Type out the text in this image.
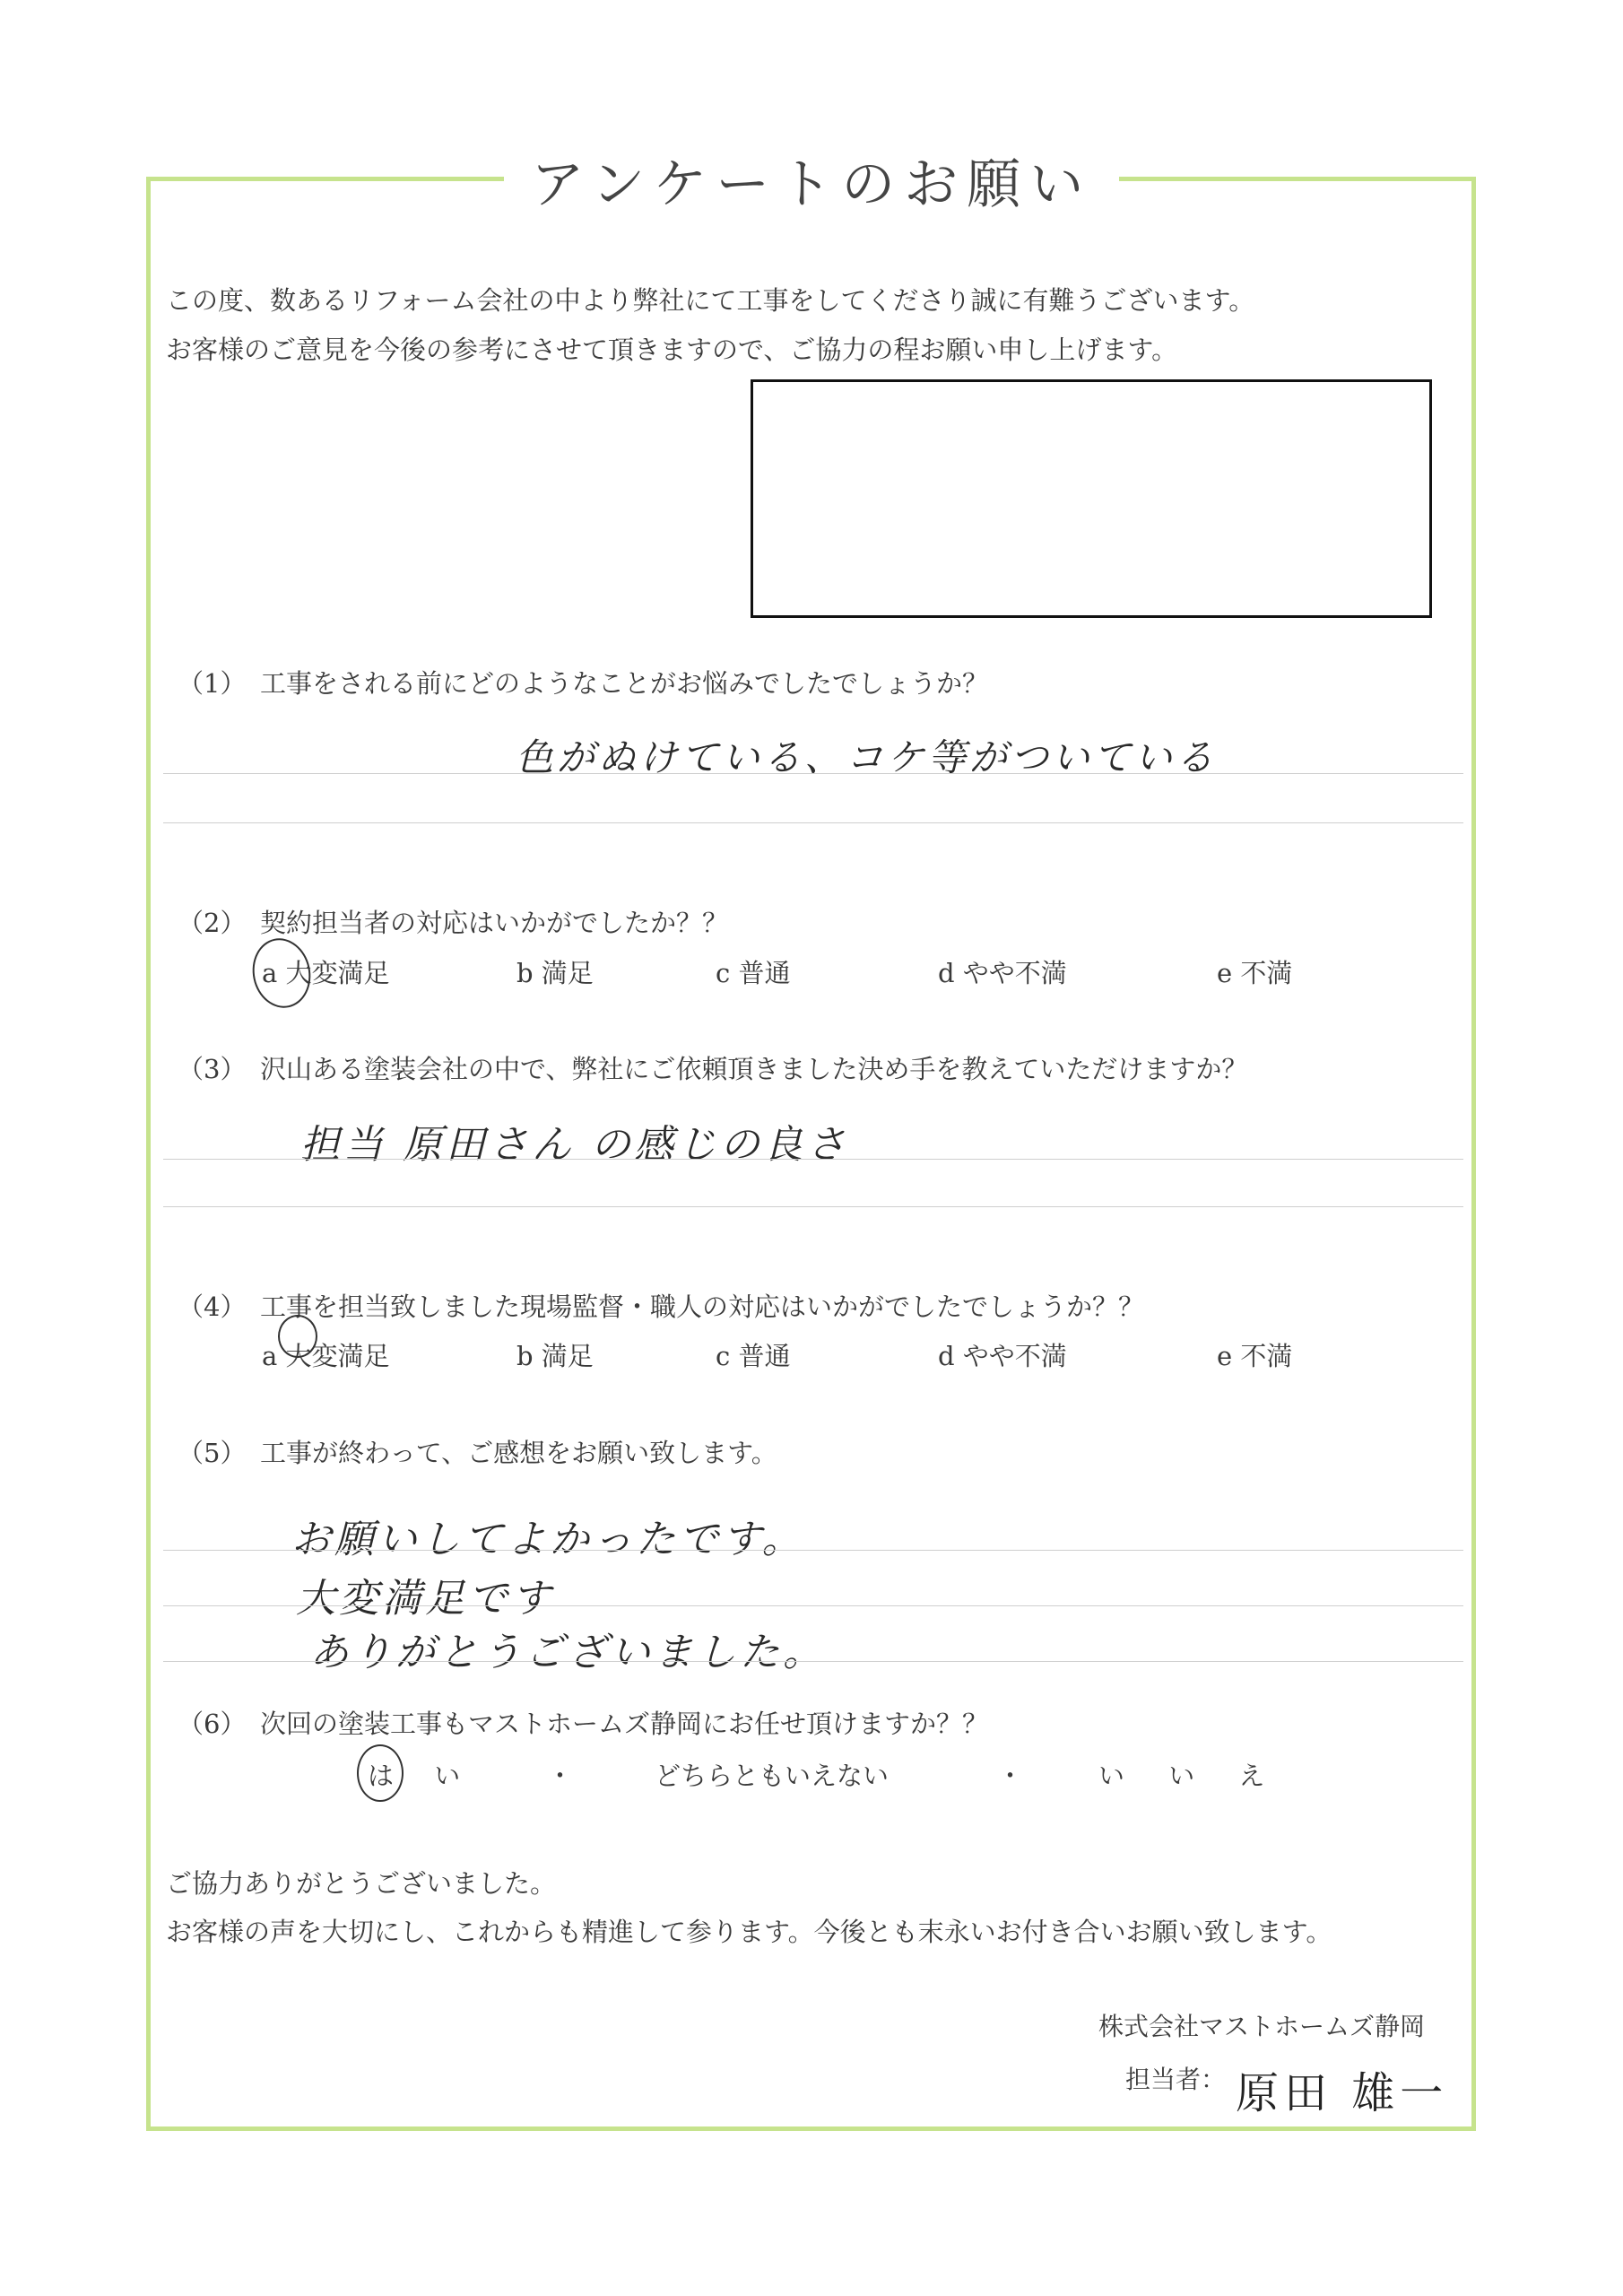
アンケートのお願い
この度、数あるリフォーム会社の中より弊社にて工事をしてくださり誠に有難うございます。
お客様のご意見を今後の参考にさせて頂きますので、ご協力の程お願い申し上げます。
（1） 工事をされる前にどのようなことがお悩みでしたでしょうか？
色がぬけている、コケ等がついている
（2） 契約担当者の対応はいかがでしたか？？
a 大変満足	b 満足	c 普通	d やや不満	e 不満
（3） 沢山ある塗装会社の中で、弊社にご依頼頂きました決め手を教えていただけますか？
担当 原田さん の感じの良さ
（4） 工事を担当致しました現場監督・職人の対応はいかがでしたでしょうか？？
a 大変満足	b 満足	c 普通	d やや不満	e 不満
（5） 工事が終わって、ご感想をお願い致します。
お願いしてよかったです。
大変満足です
ありがとうございました。
（6） 次回の塗装工事もマストホームズ静岡にお任せ頂けますか？？
は い	・	どちらともいえない	・	い い え
ご協力ありがとうございました。
お客様の声を大切にし、これからも精進して参ります。今後とも末永いお付き合いお願い致します。
株式会社マストホームズ静岡
担当者： 原田 雄一
